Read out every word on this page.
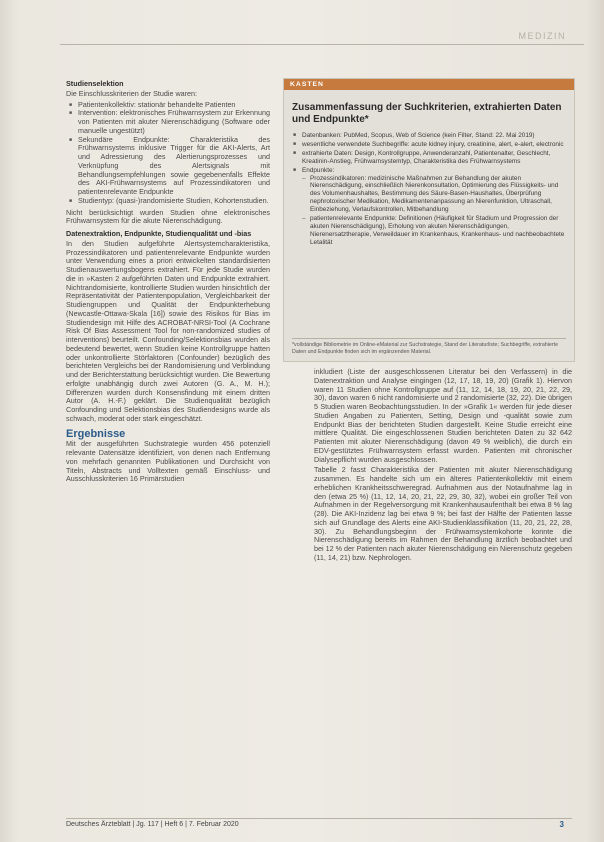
MEDIZIN
Studienselektion

Die Einschlusskriterien der Studie waren:

■ Patientenkollektiv: stationär behandelte Patienten
■ Intervention: elektronisches Frühwarnsystem zur Erkennung von Patienten mit akuter Nierenschädigung (Software oder manuelle ungestützt)
■ Sekundäre Endpunkte: Charakteristika des Frühwarnsystems inklusive Trigger für die AKI-Alerts, Art und Adressierung des Alertierungsprozesses und Verknüpfung des Alertsignals mit Behandlungsempfehlungen sowie gegebenenfalls Effekte des AKI-Frühwarnsystems auf Prozessindikatoren und patientenrelevante Endpunkte
■ Studientyp: (quasi-)randomisierte Studien, Kohortenstudien.

Nicht berücksichtigt wurden Studien ohne elektronisches Frühwarnsystem für die akute Nierenschädigung.

Datenextraktion, Endpunkte, Studienqualität und -bias

In den Studien aufgeführte Alertsystemcharakteristika, Prozessindikatoren und patientenrelevante Endpunkte wurden unter Verwendung eines a priori entwickelten standardisierten Studienauswertungsbogens extrahiert. Für jede Studie wurden die in »Kasten 2 aufgeführten Daten und Endpunkte extrahiert. Nichtrandomisierte, kontrollierte Studien wurden hinsichtlich der Repräsentativität der Patientenpopulation, Vergleichbarkeit der Studiengruppen und Qualität der Endpunkterhebung (Newcastle-Ottawa-Skala [16]) sowie des Risikos für Bias im Studiendesign mit Hilfe des ACROBAT-NRSI-Tool (A Cochrane Risk Of Bias Assessment Tool for non-randomized studies of interventions) beurteilt. Confounding/Selektionsbias wurden als bedeutend bewertet, wenn Studien keine Kontrollgruppe hatten oder unkontrollierte Störfaktoren (Confounder) bezüglich des berichteten Vergleichs bei der Randomisierung und Verblindung und der Berichterstattung berücksichtigt wurden. Die Bewertung erfolgte unabhängig durch zwei Autoren (G. A., M. H.); Differenzen wurden durch Konsensfindung mit einem dritten Autor (A. H.-F.) geklärt. Die Studienqualität bezüglich Confounding und Selektionsbias des Studiendesigns wurde als schwach, moderat oder stark eingeschätzt.

Ergebnisse

Mit der ausgeführten Suchstrategie wurden 456 potenziell relevante Datensätze identifiziert, von denen nach Entfernung von mehrfach genannten Publikationen und Durchsicht von Titeln, Abstracts und Volltexten gemäß Einschluss- und Ausschlusskriterien 16 Primärstudien

KASTEN
Zusammenfassung der Suchkriterien, extrahierten Daten und Endpunkte*
■ Datenbanken: PubMed, Scopus, Web of Science (kein Filter, Stand: 22. Mai 2019)
■ wesentliche verwendete Suchbegriffe: acute kidney injury, creatinine, alert, e-alert, electronic
■ extrahierte Daten: Design, Kontrollgruppe, Anwenderanzahl, Patientenalter, Geschlecht, Kreatinin-Anstieg, Frühwarnsystemtyp, Charakteristika des Frühwarnsystems
■ Endpunkte:
– Prozessindikatoren: medizinische Maßnahmen zur Behandlung der akuten Nierenschädigung, einschließlich Nierenkonsultation, Optimierung des Flüssigkeits- und des Volumenhaushaltes, Bestimmung des Säure-Basen-Haushaltes, Überprüfung nephrotoxischer Medikation, Medikamentenanpassung an Nierenfunktion, Ultraschall, Einbeziehung, Verlaufskontrollen, Mitbehandlung
– patientenrelevante Endpunkte: Definitionen (Häufigkeit für Stadium und Progression der akuten Nierenschädigung), Erholung von akuten Nierenschädigungen, Nierenersatztherapie, Verweildauer im Krankenhaus, Krankenhaus- und nachbeobachtete Letalität
*vollständige Bibliometrie im Online-eMaterial zur Suchstrategie, Stand der Literaturliste; Suchbegriffe, extrahierte Daten und Endpunkte finden sich im ergänzenden Material.

inkludiert (Liste der ausgeschlossenen Literatur bei den Verfassern) in die Datenextraktion und Analyse eingingen (12, 17, 18, 19, 20) (Grafik 1). Hiervon waren 11 Studien ohne Kontrollgruppe auf (11, 12, 14, 18, 19, 20, 21, 22, 29, 30), davon waren 6 nicht randomisierte und 2 randomisierte (32, 22). Die übrigen 5 Studien waren Beobachtungsstudien. In der »Grafik 1« werden für jede dieser Studien Angaben zu Patienten, Setting, Design und -qualität sowie zum Endpunkt Bias der berichteten Studien dargestellt. Keine Studie erreicht eine mittlere Qualität. Die eingeschlossenen Studien berichteten Daten zu 32 642 Patienten mit akuter Nierenschädigung (davon 49 % weiblich), die durch ein EDV-gestütztes Frühwarnsystem erfasst wurden. Patienten mit chronischer Dialysepflicht wurden ausgeschlossen.

Tabelle 2 fasst Charakteristika der Patienten mit akuter Nierenschädigung zusammen. Es handelte sich um ein älteres Patientenkollektiv mit einem erheblichen Krankheitsschweregrad. Aufnahmen aus der Notaufnahme lag in den (etwa 25 %) (11, 12, 14, 20, 21, 22, 29, 30, 32), wobei ein großer Teil von Aufnahmen in der Regelversorgung mit Krankenhausaufenthalt bei etwa 8 % lag (28). Die AKI-Inzidenz lag bei etwa 9 %; bei fast der Hälfte der Patienten lasse sich auf Grundlage des Alerts eine AKI-Studienklassifikation (11, 20, 21, 22, 28, 30). Zu Behandlungsbeginn der Frühwarnsystemkohorte konnte die Nierenschädigung bereits im Rahmen der Behandlung ärztlich beobachtet und bei 12 % der Patienten nach akuter Nierenschädigung ein Nierenschutz gegeben (11, 14, 21) bzw. Nephrologen.

Deutsches Ärzteblatt | Jg. 117 | Heft 6 | 7. Februar 2020	3
